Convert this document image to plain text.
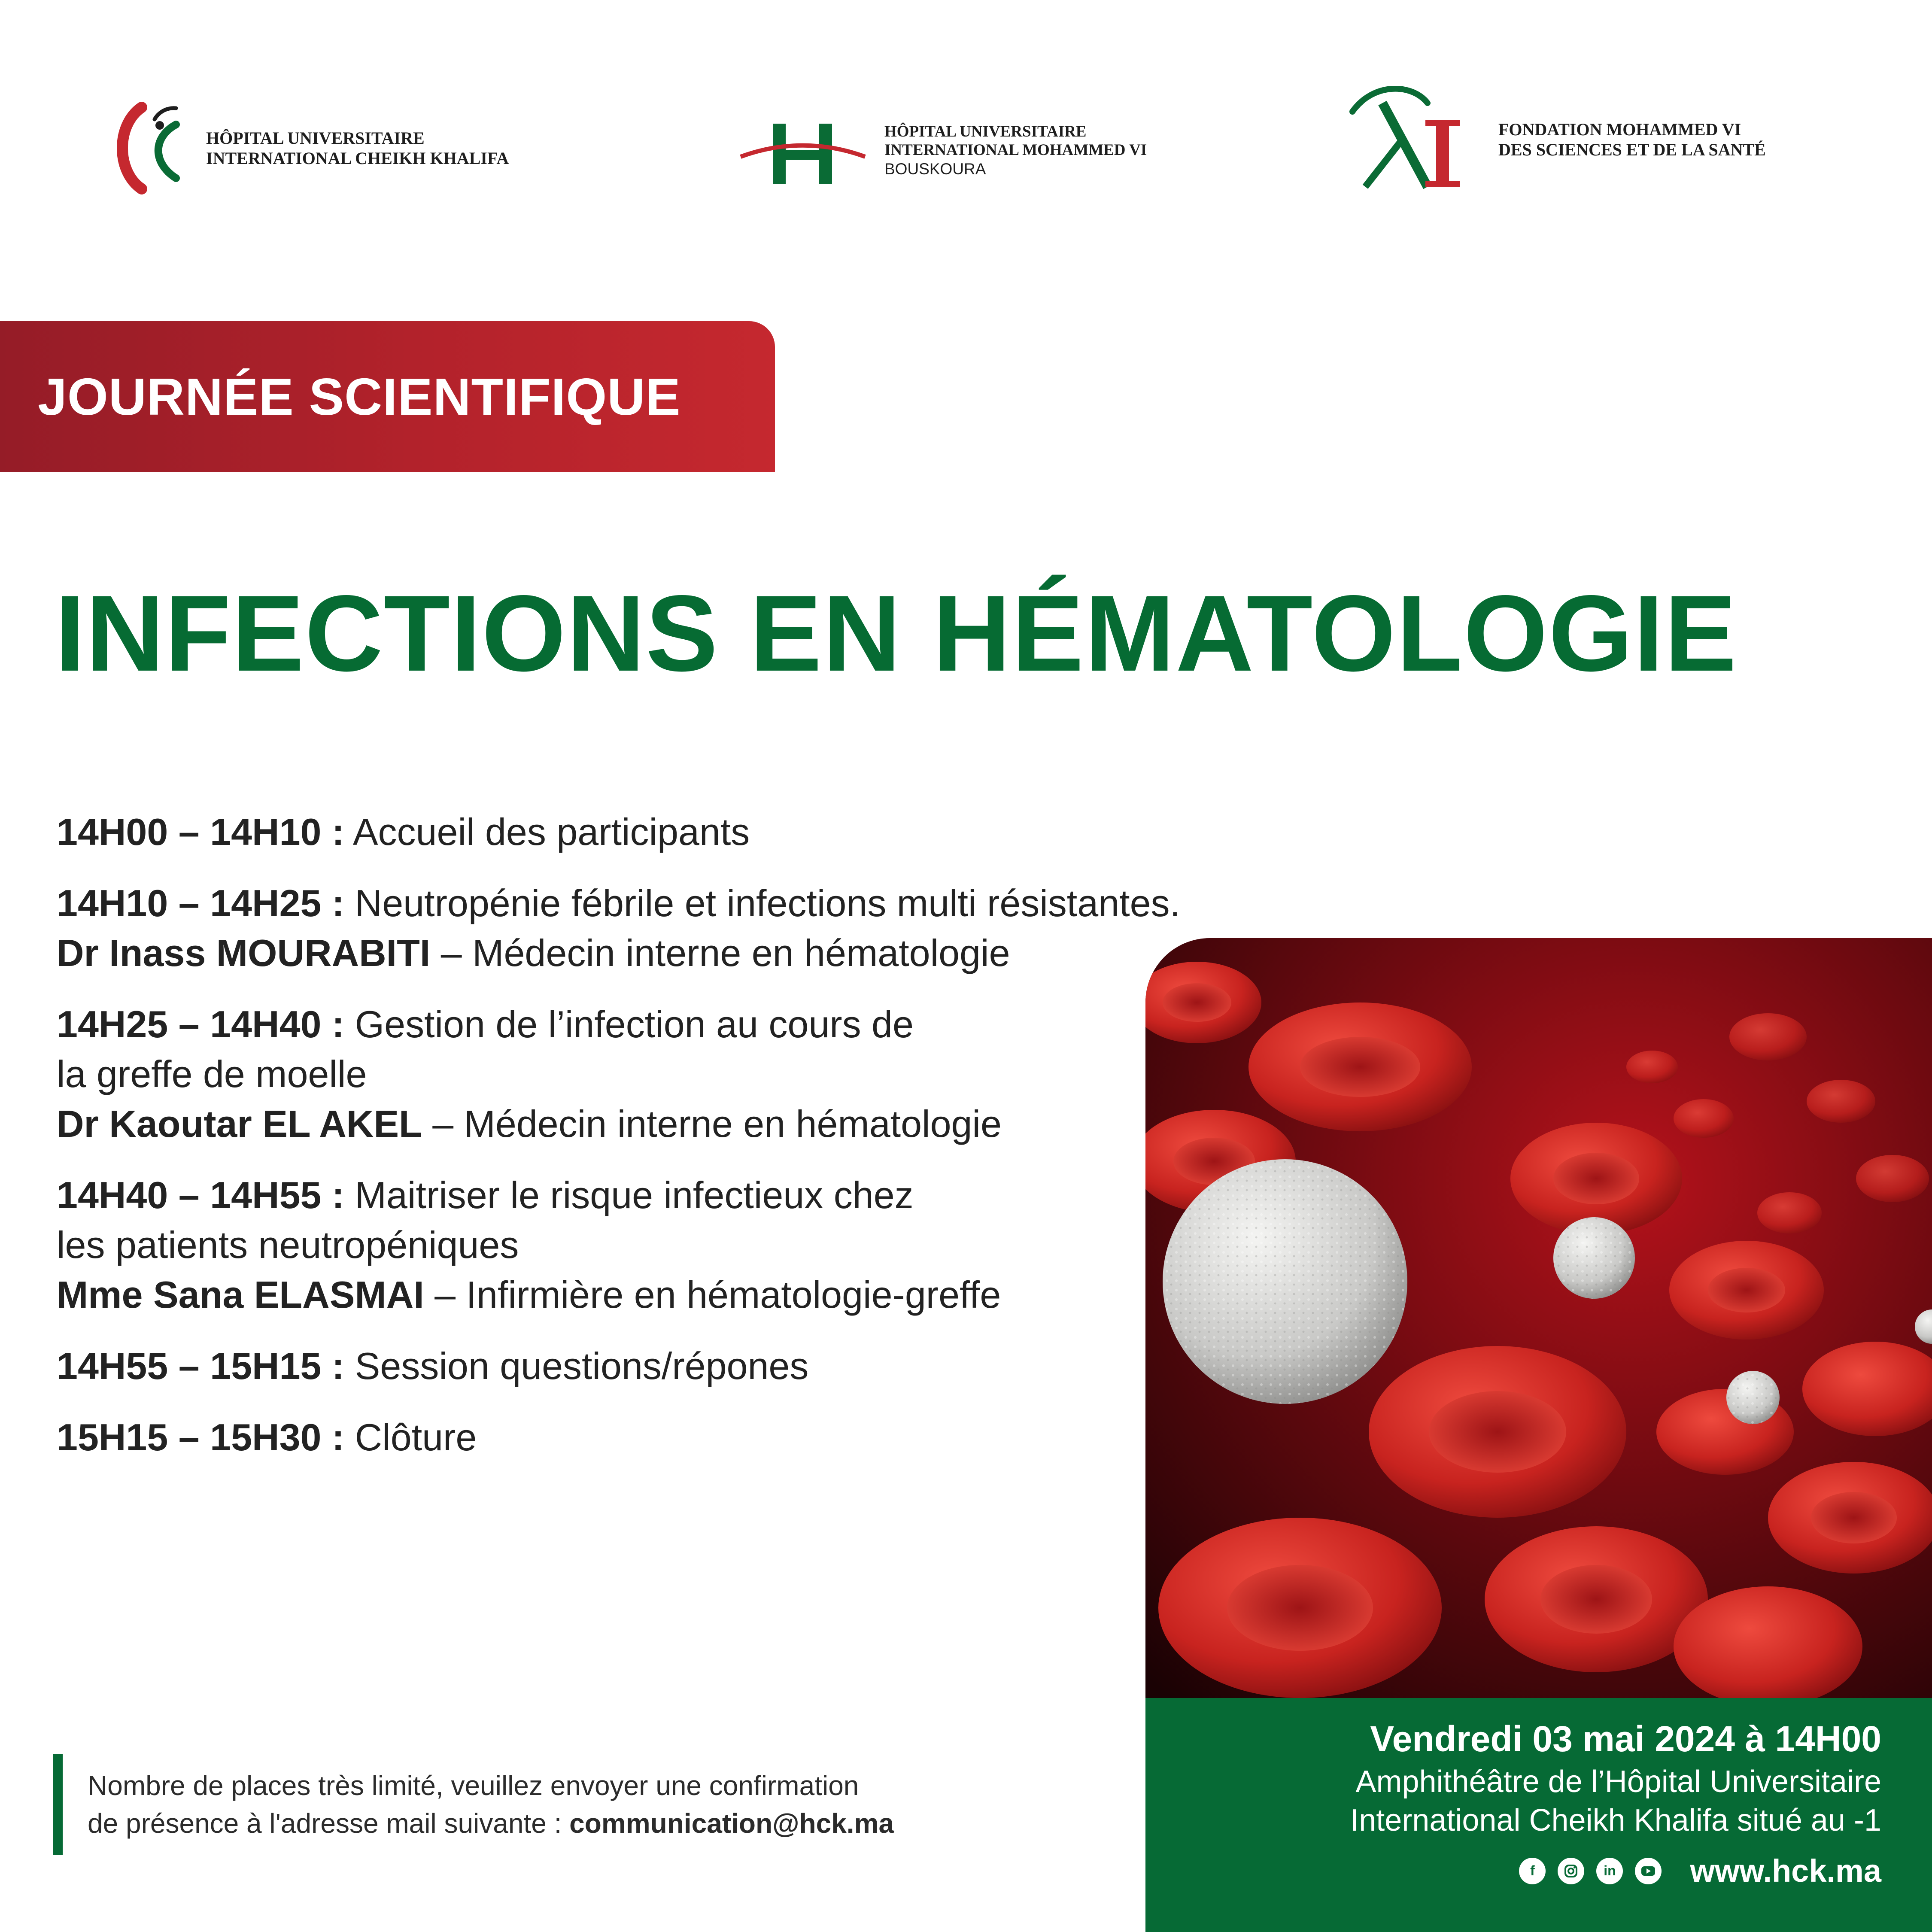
HÔPITAL UNIVERSITAIRE
INTERNATIONAL CHEIKH KHALIFA
HÔPITAL UNIVERSITAIRE
INTERNATIONAL MOHAMMED VI
BOUSKOURA
FONDATION MOHAMMED VI
DES SCIENCES ET DE LA SANTÉ
JOURNÉE SCIENTIFIQUE
INFECTIONS EN HÉMATOLOGIE
14H00 – 14H10 : Accueil des participants
14H10 – 14H25 : Neutropénie fébrile et infections multi résistantes.
Dr Inass MOURABITI – Médecin interne en hématologie
14H25 – 14H40 : Gestion de l’infection au cours de
la greffe de moelle
Dr Kaoutar EL AKEL – Médecin interne en hématologie
14H40 – 14H55 : Maitriser le risque infectieux chez
les patients neutropéniques
Mme Sana ELASMAI – Infirmière en hématologie-greffe
14H55 – 15H15 : Session questions/répones
15H15 – 15H30 : Clôture
Vendredi 03 mai 2024 à 14H00
Amphithéâtre de l’Hôpital Universitaire
International Cheikh Khalifa situé au -1
f	in www.hck.ma
Nombre de places très limité, veuillez envoyer une confirmation
de présence à l'adresse mail suivante : communication@hck.ma
